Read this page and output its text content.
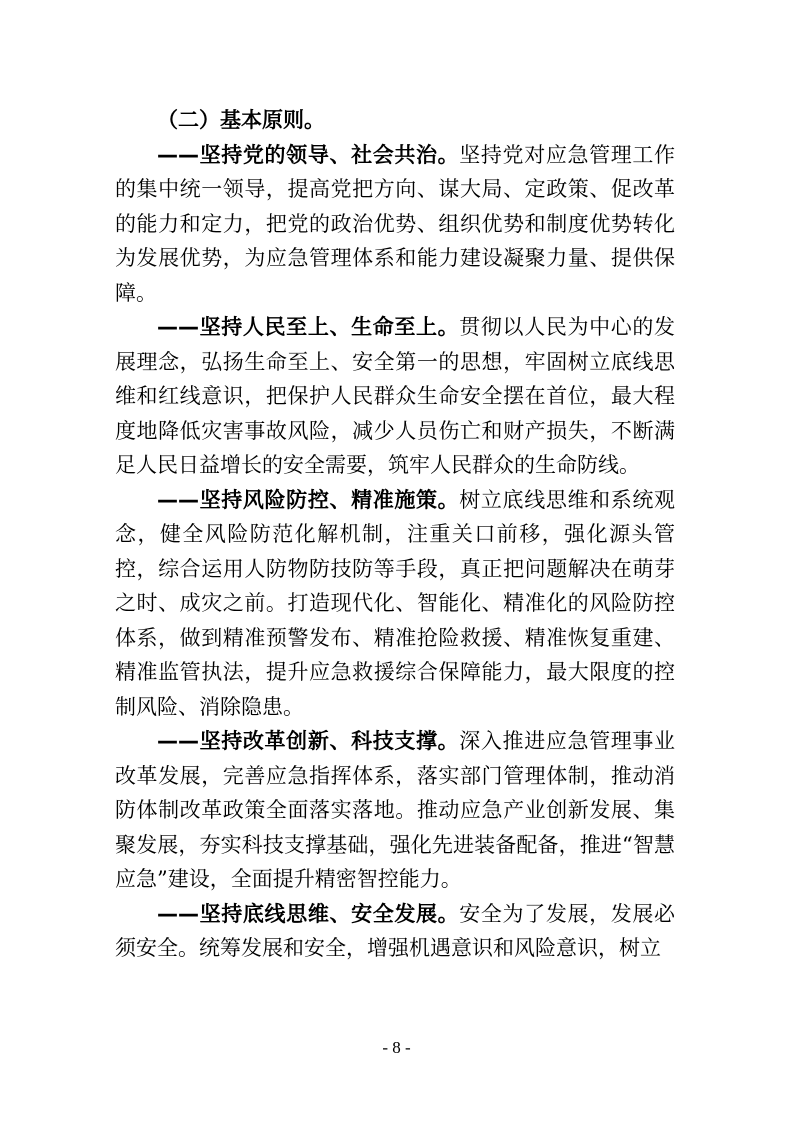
（二）基本原则。

——坚持党的领导、社会共治。坚持党对应急管理工作的集中统一领导，提高党把方向、谋大局、定政策、促改革的能力和定力，把党的政治优势、组织优势和制度优势转化为发展优势，为应急管理体系和能力建设凝聚力量、提供保障。

——坚持人民至上、生命至上。贯彻以人民为中心的发展理念，弘扬生命至上、安全第一的思想，牢固树立底线思维和红线意识，把保护人民群众生命安全摆在首位，最大程度地降低灾害事故风险，减少人员伤亡和财产损失，不断满足人民日益增长的安全需要，筑牢人民群众的生命防线。

——坚持风险防控、精准施策。树立底线思维和系统观念，健全风险防范化解机制，注重关口前移，强化源头管控，综合运用人防物防技防等手段，真正把问题解决在萌芽之时、成灾之前。打造现代化、智能化、精准化的风险防控体系，做到精准预警发布、精准抢险救援、精准恢复重建、精准监管执法，提升应急救援综合保障能力，最大限度的控制风险、消除隐患。

——坚持改革创新、科技支撑。深入推进应急管理事业改革发展，完善应急指挥体系，落实部门管理体制，推动消防体制改革政策全面落实落地。推动应急产业创新发展、集聚发展，夯实科技支撑基础，强化先进装备配备，推进“智慧应急”建设，全面提升精密智控能力。

——坚持底线思维、安全发展。安全为了发展，发展必须安全。统筹发展和安全，增强机遇意识和风险意识，树立

- 8 -
